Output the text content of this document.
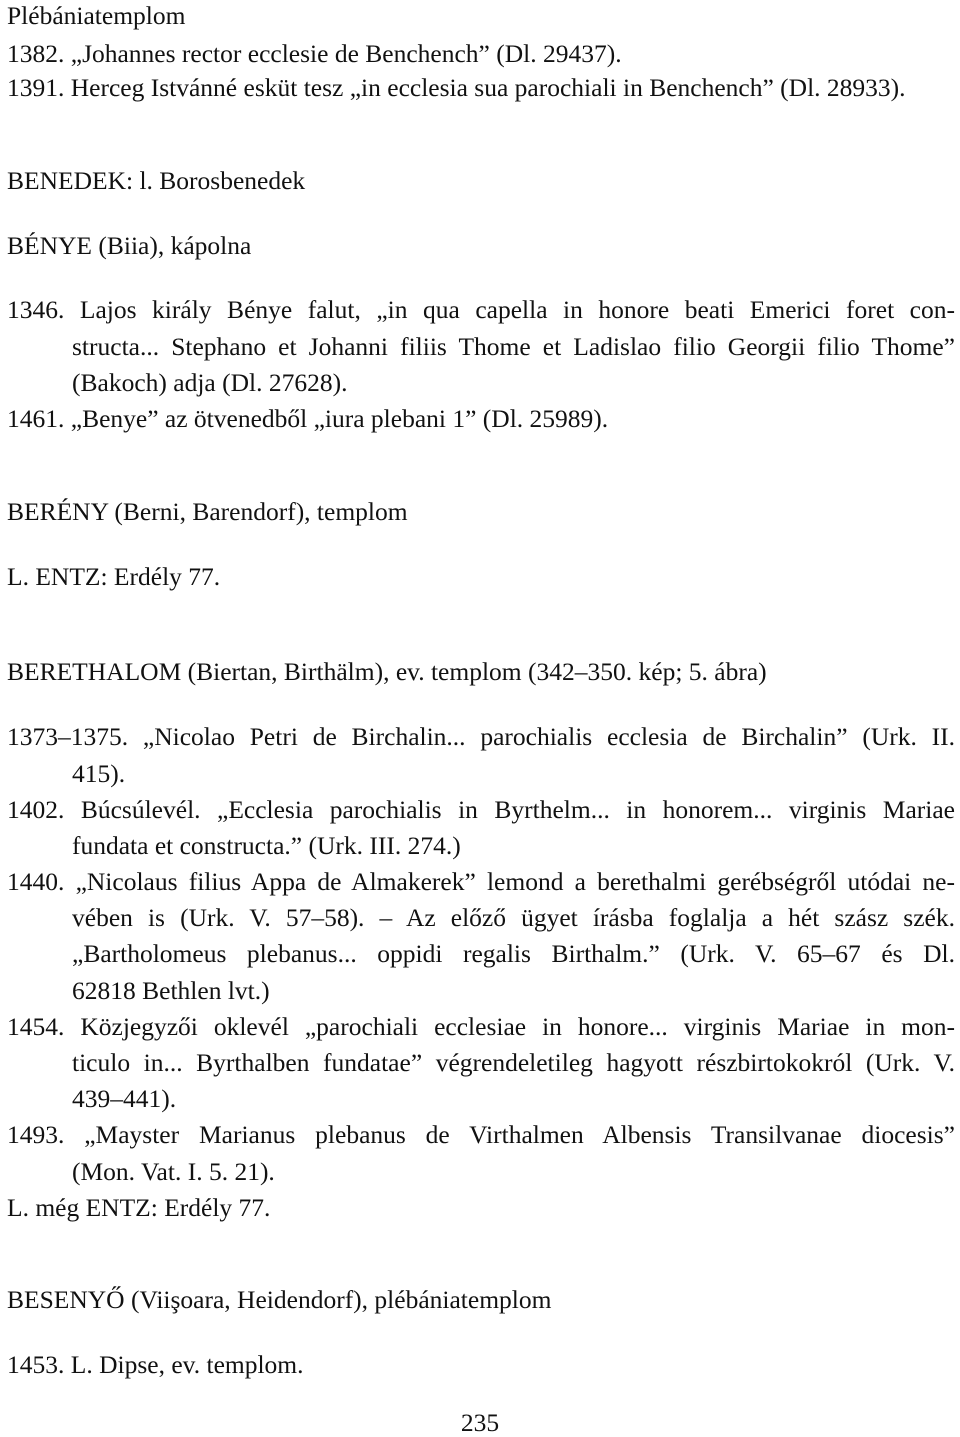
Plébániatemplom
1382. „Johannes rector ecclesie de Benchench” (Dl. 29437).
1391. Herceg Istvánné esküt tesz „in ecclesia sua parochiali in Benchench” (Dl. 28933).
BENEDEK: l. Borosbenedek
BÉNYE (Biia), kápolna
1346. Lajos király Bénye falut, „in qua capella in honore beati Emerici foret con-
structa... Stephano et Johanni filiis Thome et Ladislao filio Georgii filio Thome”
(Bakoch) adja (Dl. 27628).
1461. „Benye” az ötvenedből „iura plebani 1” (Dl. 25989).
BERÉNY (Berni, Barendorf), templom
L. ENTZ: Erdély 77.
BERETHALOM (Biertan, Birthälm), ev. templom (342–350. kép; 5. ábra)
1373–1375. „Nicolao Petri de Birchalin... parochialis ecclesia de Birchalin” (Urk. II.
415).
1402. Búcsúlevél. „Ecclesia parochialis in Byrthelm... in honorem... virginis Mariae
fundata et constructa.” (Urk. III. 274.)
1440. „Nicolaus filius Appa de Almakerek” lemond a berethalmi gerébségről utódai ne-
vében is (Urk. V. 57–58). – Az előző ügyet írásba foglalja a hét szász szék.
„Bartholomeus plebanus... oppidi regalis Birthalm.” (Urk. V. 65–67 és Dl.
62818 Bethlen lvt.)
1454. Közjegyzői oklevél „parochiali ecclesiae in honore... virginis Mariae in mon-
ticulo in... Byrthalben fundatae” végrendeletileg hagyott részbirtokokról (Urk. V.
439–441).
1493. „Mayster Marianus plebanus de Virthalmen Albensis Transilvanae diocesis”
(Mon. Vat. I. 5. 21).
L. még ENTZ: Erdély 77.
BESENYŐ (Viişoara, Heidendorf), plébániatemplom
1453. L. Dipse, ev. templom.
235
